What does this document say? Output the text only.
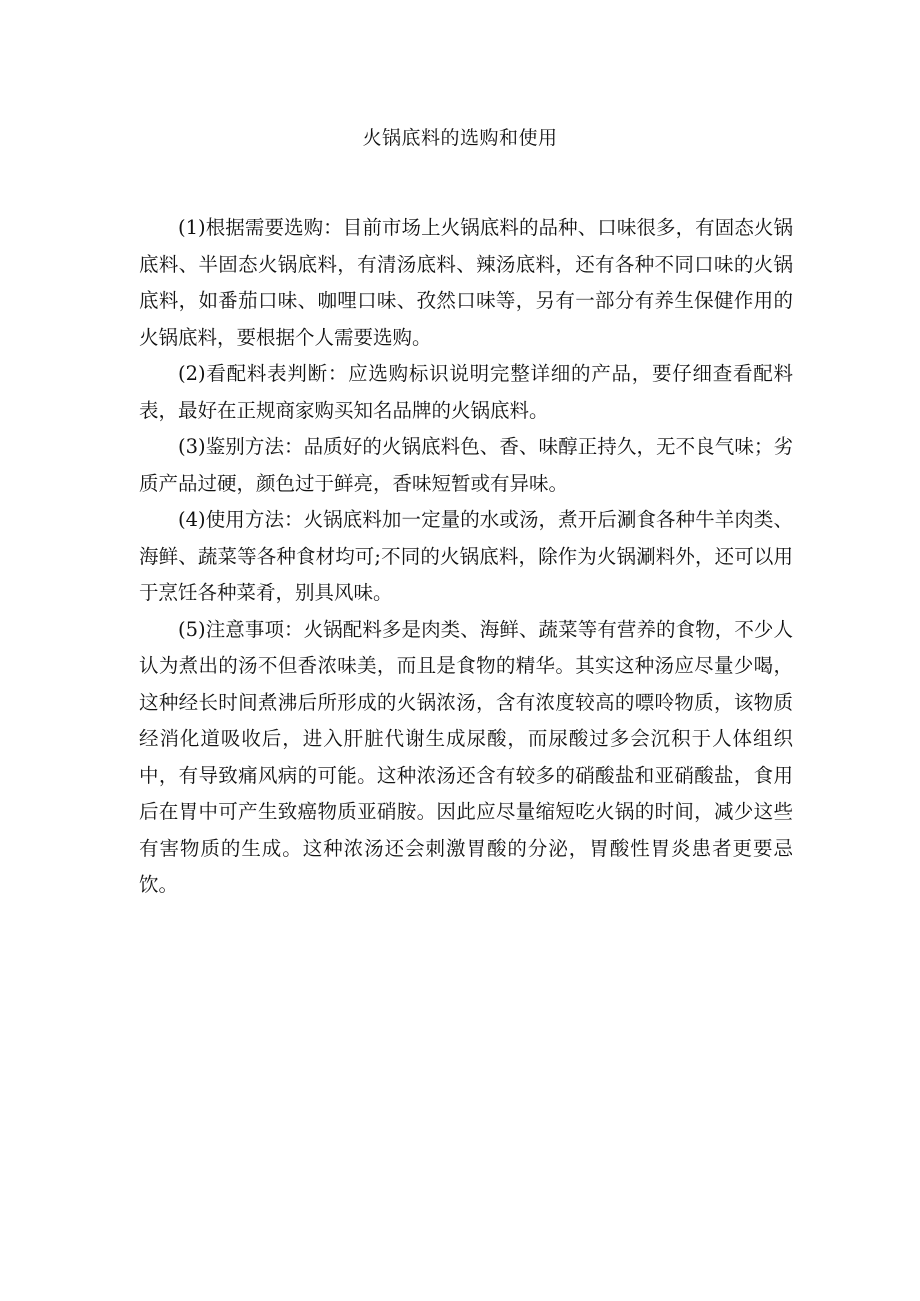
火锅底料的选购和使用

(1)根据需要选购：目前市场上火锅底料的品种、口味很多，有固态火锅底料、半固态火锅底料，有清汤底料、辣汤底料，还有各种不同口味的火锅底料，如番茄口味、咖哩口味、孜然口味等，另有一部分有养生保健作用的火锅底料，要根据个人需要选购。

(2)看配料表判断：应选购标识说明完整详细的产品，要仔细查看配料表，最好在正规商家购买知名品牌的火锅底料。

(3)鉴别方法：品质好的火锅底料色、香、味醇正持久，无不良气味；劣质产品过硬，颜色过于鲜亮，香味短暂或有异味。

(4)使用方法：火锅底料加一定量的水或汤，煮开后涮食各种牛羊肉类、海鲜、蔬菜等各种食材均可;不同的火锅底料，除作为火锅涮料外，还可以用于烹饪各种菜肴，别具风味。

(5)注意事项：火锅配料多是肉类、海鲜、蔬菜等有营养的食物，不少人认为煮出的汤不但香浓味美，而且是食物的精华。其实这种汤应尽量少喝，这种经长时间煮沸后所形成的火锅浓汤，含有浓度较高的嘌呤物质，该物质经消化道吸收后，进入肝脏代谢生成尿酸，而尿酸过多会沉积于人体组织中，有导致痛风病的可能。这种浓汤还含有较多的硝酸盐和亚硝酸盐，食用后在胃中可产生致癌物质亚硝胺。因此应尽量缩短吃火锅的时间，减少这些有害物质的生成。这种浓汤还会刺激胃酸的分泌，胃酸性胃炎患者更要忌饮。
